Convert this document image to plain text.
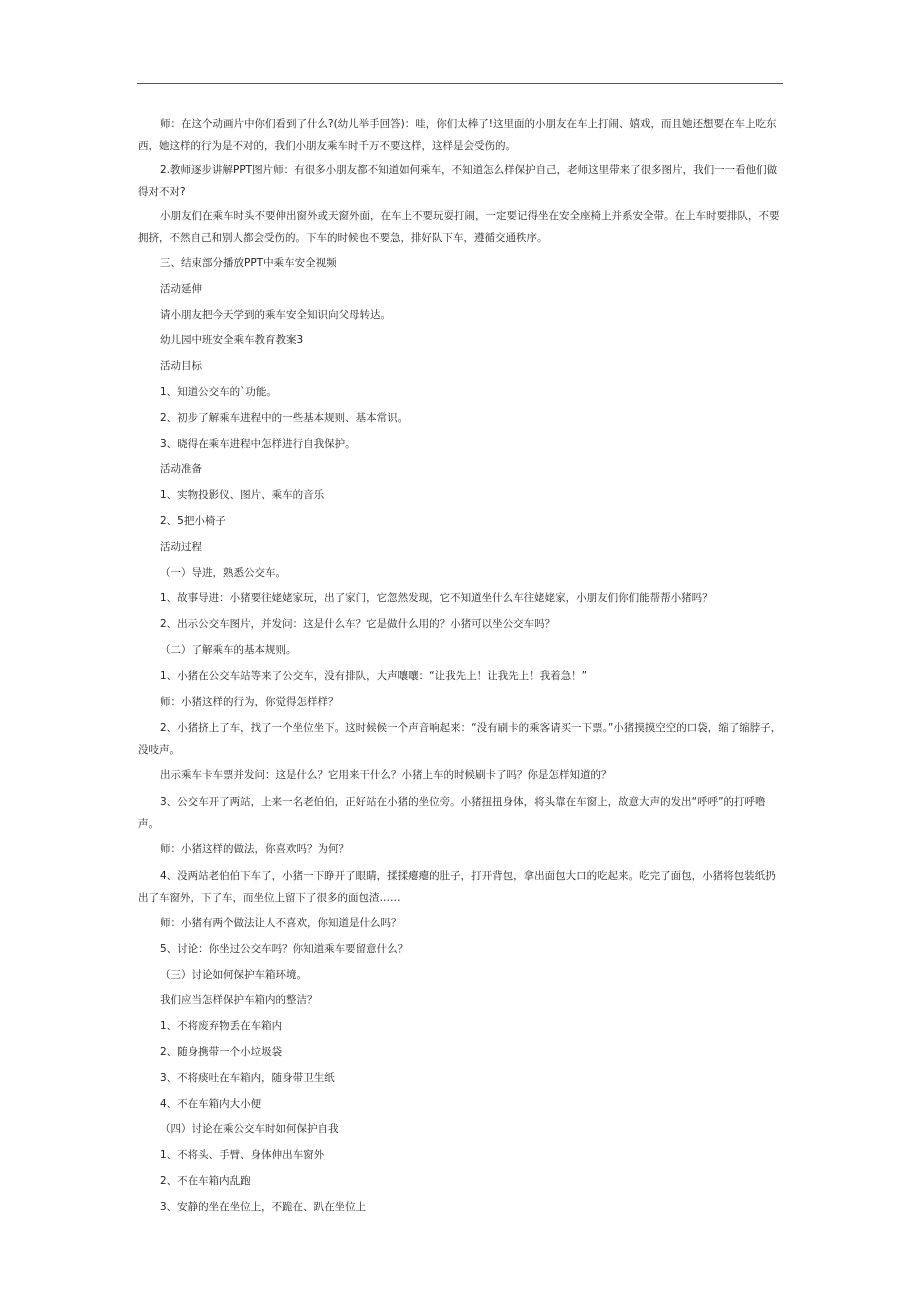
师：在这个动画片中你们看到了什么?(幼儿举手回答)：哇，你们太棒了!这里面的小朋友在车上打闹、嬉戏，而且她还想要在车上吃东西，她这样的行为是不对的，我们小朋友乘车时千万不要这样，这样是会受伤的。

2.教师逐步讲解PPT图片师：有很多小朋友都不知道如何乘车，不知道怎么样保护自己，老师这里带来了很多图片，我们一一看他们做得对不对?

小朋友们在乘车时头不要伸出窗外或天窗外面，在车上不要玩耍打闹，一定要记得坐在安全座椅上并系安全带。在上车时要排队，不要拥挤，不然自己和别人都会受伤的。下车的时候也不要急，排好队下车，遵循交通秩序。

三、结束部分播放PPT中乘车安全视频

活动延伸

请小朋友把今天学到的乘车安全知识向父母转达。

幼儿园中班安全乘车教育教案3

活动目标

1、知道公交车的`功能。

2、初步了解乘车进程中的一些基本规则、基本常识。

3、晓得在乘车进程中怎样进行自我保护。

活动准备

1、实物投影仪、图片、乘车的音乐

2、5把小椅子

活动过程

（一）导进，熟悉公交车。

1、故事导进：小猪要往姥姥家玩，出了家门，它忽然发现，它不知道坐什么车往姥姥家，小朋友们你们能帮帮小猪吗？

2、出示公交车图片，并发问：这是什么车？它是做什么用的？小猪可以坐公交车吗？

（二）了解乘车的基本规则。

1、小猪在公交车站等来了公交车，没有排队，大声嚷嚷：“让我先上！让我先上！我着急！”

师：小猪这样的行为，你觉得怎样样？

2、小猪挤上了车，找了一个坐位坐下。这时候候一个声音响起来：“没有刷卡的乘客请买一下票。”小猪摸摸空空的口袋，缩了缩脖子，没吱声。

出示乘车卡车票并发问：这是什么？它用来干什么？小猪上车的时候刷卡了吗？你是怎样知道的？

3、公交车开了两站，上来一名老伯伯，正好站在小猪的坐位旁。小猪扭扭身体，将头靠在车窗上，故意大声的发出“呼呼”的打呼噜声。

师：小猪这样的做法，你喜欢吗？为何？

4、没两站老伯伯下车了，小猪一下睁开了眼睛，揉揉瘪瘪的肚子，打开背包，拿出面包大口的吃起来。吃完了面包，小猪将包装纸扔出了车窗外，下了车，而坐位上留下了很多的面包渣……

师：小猪有两个做法让人不喜欢，你知道是什么吗？

5、讨论：你坐过公交车吗？你知道乘车要留意什么？

（三）讨论如何保护车箱环境。

我们应当怎样保护车箱内的整洁？

1、不将废弃物丢在车箱内

2、随身携带一个小垃圾袋

3、不将痰吐在车箱内，随身带卫生纸

4、不在车箱内大小便

（四）讨论在乘公交车时如何保护自我

1、不将头、手臂、身体伸出车窗外

2、不在车箱内乱跑

3、安静的坐在坐位上，不跪在、趴在坐位上
